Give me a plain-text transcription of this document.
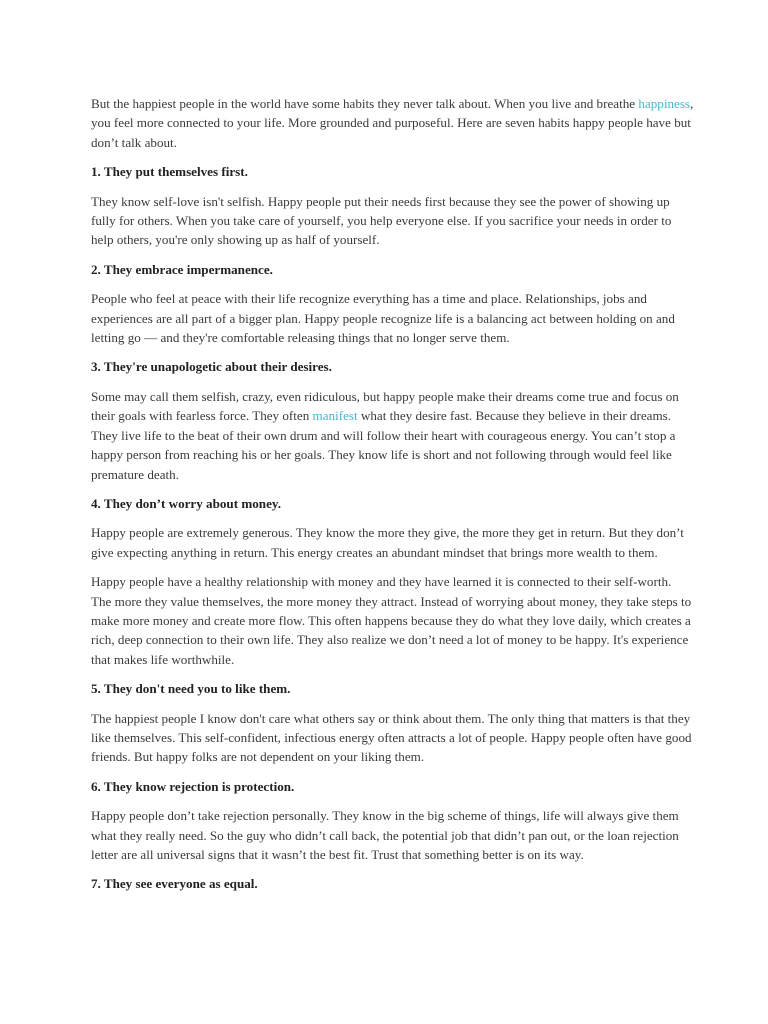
But the happiest people in the world have some habits they never talk about. When you live and breathe happiness, you feel more connected to your life. More grounded and purposeful. Here are seven habits happy people have but don’t talk about.

1. They put themselves first.

They know self-love isn't selfish. Happy people put their needs first because they see the power of showing up fully for others. When you take care of yourself, you help everyone else. If you sacrifice your needs in order to help others, you're only showing up as half of yourself.

2. They embrace impermanence.

People who feel at peace with their life recognize everything has a time and place. Relationships, jobs and experiences are all part of a bigger plan. Happy people recognize life is a balancing act between holding on and letting go — and they're comfortable releasing things that no longer serve them.

3. They're unapologetic about their desires.

Some may call them selfish, crazy, even ridiculous, but happy people make their dreams come true and focus on their goals with fearless force. They often manifest what they desire fast. Because they believe in their dreams. They live life to the beat of their own drum and will follow their heart with courageous energy. You can’t stop a happy person from reaching his or her goals. They know life is short and not following through would feel like premature death.

4. They don’t worry about money.

Happy people are extremely generous. They know the more they give, the more they get in return. But they don’t give expecting anything in return. This energy creates an abundant mindset that brings more wealth to them.

Happy people have a healthy relationship with money and they have learned it is connected to their self-worth. The more they value themselves, the more money they attract. Instead of worrying about money, they take steps to make more money and create more flow. This often happens because they do what they love daily, which creates a rich, deep connection to their own life. They also realize we don’t need a lot of money to be happy. It's experience that makes life worthwhile.

5. They don't need you to like them.

The happiest people I know don't care what others say or think about them. The only thing that matters is that they like themselves. This self-confident, infectious energy often attracts a lot of people. Happy people often have good friends. But happy folks are not dependent on your liking them.

6. They know rejection is protection.

Happy people don’t take rejection personally. They know in the big scheme of things, life will always give them what they really need. So the guy who didn’t call back, the potential job that didn’t pan out, or the loan rejection letter are all universal signs that it wasn’t the best fit. Trust that something better is on its way.

7. They see everyone as equal.
